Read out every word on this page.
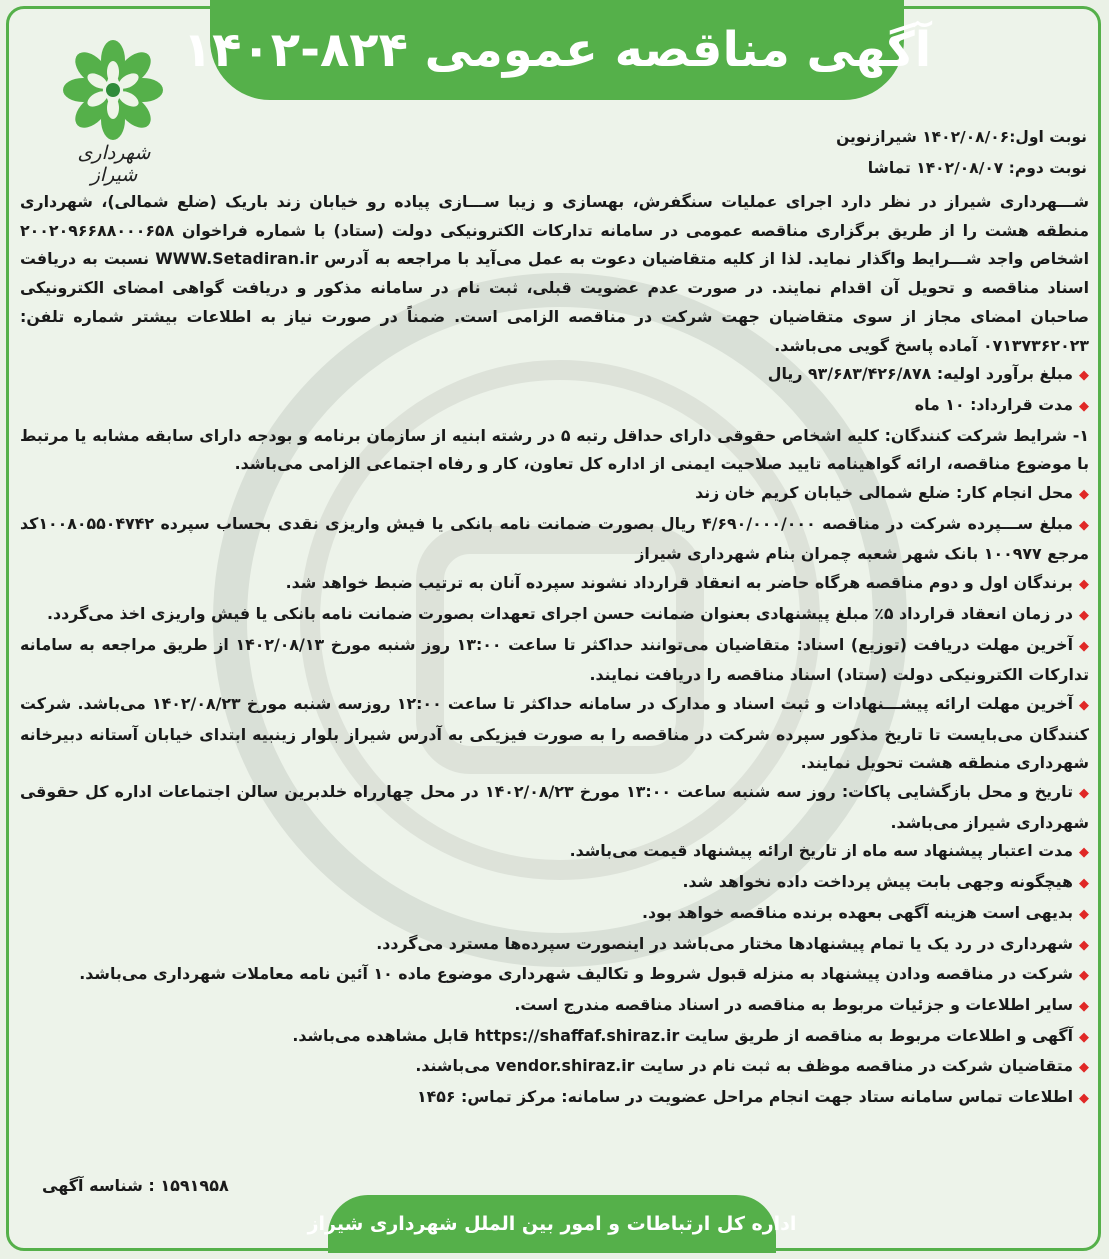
آگهی مناقصه عمومی ۸۲۴-۱۴۰۲
شهرداری شیراز
نوبت اول:۱۴۰۲/۰۸/۰۶ شیرازنوین
نوبت دوم: ۱۴۰۲/۰۸/۰۷ تماشا

شـــهرداری شیراز در نظر دارد اجرای عملیات سنگفرش، بهسازی و زیبا ســـازی پیاده رو خیابان زند باریک (ضلع شمالی)، شهرداری منطقه هشت را از طریق برگزاری مناقصه عمومی در سامانه تدارکات الکترونیکی دولت (ستاد) با شماره فراخوان ۲۰۰۲۰۹۶۶۸۸۰۰۰۶۵۸ اشخاص واجد شـــرایط واگذار نماید. لذا از کلیه متقاضیان دعوت به عمل می‌آید با مراجعه به آدرس WWW.Setadiran.ir نسبت به دریافت اسناد مناقصه و تحویل آن اقدام نمایند. در صورت عدم عضویت قبلی، ثبت نام در سامانه مذکور و دریافت گواهی امضای الکترونیکی صاحبان امضای مجاز از سوی متقاضیان جهت شرکت در مناقصه الزامی است. ضمناً در صورت نیاز به اطلاعات بیشتر شماره تلفن: ۰۷۱۳۷۳۶۲۰۲۳ آماده پاسخ گویی می‌باشد.

◆مبلغ برآورد اولیه: ۹۳/۶۸۳/۴۲۶/۸۷۸ ریال

◆مدت قرارداد: ۱۰ ماه

۱- شرایط شرکت کنندگان: کلیه اشخاص حقوقی دارای حداقل رتبه ۵ در رشته ابنیه از سازمان برنامه و بودجه دارای سابقه مشابه یا مرتبط با موضوع مناقصه، ارائه گواهینامه تایید صلاحیت ایمنی از اداره کل تعاون، کار و رفاه اجتماعی الزامی می‌باشد.

◆محل انجام کار: ضلع شمالی خیابان کریم خان زند

◆مبلغ ســـپرده شرکت در مناقصه ۴/۶۹۰/۰۰۰/۰۰۰ ریال بصورت ضمانت نامه بانکی یا فیش واریزی نقدی بحساب سپرده ۱۰۰۸۰۵۵۰۴۷۴۲کد مرجع ۱۰۰۹۷۷ بانک شهر شعبه چمران بنام شهرداری شیراز

◆برندگان اول و دوم مناقصه هرگاه حاضر به انعقاد قرارداد نشوند سپرده آنان به ترتیب ضبط خواهد شد.

◆در زمان انعقاد قرارداد ۵٪ مبلغ پیشنهادی بعنوان ضمانت حسن اجرای تعهدات بصورت ضمانت نامه بانکی یا فیش واریزی اخذ می‌گردد.

◆آخرین مهلت دریافت (توزیع) اسناد: متقاضیان می‌توانند حداکثر تا ساعت ۱۳:۰۰ روز شنبه مورخ ۱۴۰۲/۰۸/۱۳ از طریق مراجعه به سامانه تدارکات الکترونیکی دولت (ستاد) اسناد مناقصه را دریافت نمایند.

◆آخرین مهلت ارائه پیشـــنهادات و ثبت اسناد و مدارک در سامانه حداکثر تا ساعت ۱۲:۰۰ روزسه شنبه مورخ ۱۴۰۲/۰۸/۲۳ می‌باشد. شرکت کنندگان می‌بایست تا تاریخ مذکور سپرده شرکت در مناقصه را به صورت فیزیکی به آدرس شیراز بلوار زینبیه ابتدای خیابان آستانه دبیرخانه شهرداری منطقه هشت تحویل نمایند.

◆تاریخ و محل بازگشایی پاکات: روز سه شنبه ساعت ۱۳:۰۰ مورخ ۱۴۰۲/۰۸/۲۳ در محل چهارراه خلدبرین سالن اجتماعات اداره کل حقوقی شهرداری شیراز می‌باشد.

◆مدت اعتبار پیشنهاد سه ماه از تاریخ ارائه پیشنهاد قیمت می‌باشد.

◆هیچگونه وجهی بابت پیش پرداخت داده نخواهد شد.

◆بدیهی است هزینه آگهی بعهده برنده مناقصه خواهد بود.

◆شهرداری در رد یک یا تمام پیشنهادها مختار می‌باشد در اینصورت سپرده‌ها مسترد می‌گردد.

◆شرکت در مناقصه ودادن پیشنهاد به منزله قبول شروط و تکالیف شهرداری موضوع ماده ۱۰ آئین نامه معاملات شهرداری می‌باشد.

◆سایر اطلاعات و جزئیات مربوط به مناقصه در اسناد مناقصه مندرج است.

◆آگهی و اطلاعات مربوط به مناقصه از طریق سایت https://shaffaf.shiraz.ir قابل مشاهده می‌باشد.

◆متقاضیان شرکت در مناقصه موظف به ثبت نام در سایت vendor.shiraz.ir می‌باشند.

◆اطلاعات تماس سامانه ستاد جهت انجام مراحل عضویت در سامانه: مرکز تماس: ۱۴۵۶

۱۵۹۱۹۵۸ : شناسه آگهی
اداره کل ارتباطات و امور بین الملل شهرداری شیراز
